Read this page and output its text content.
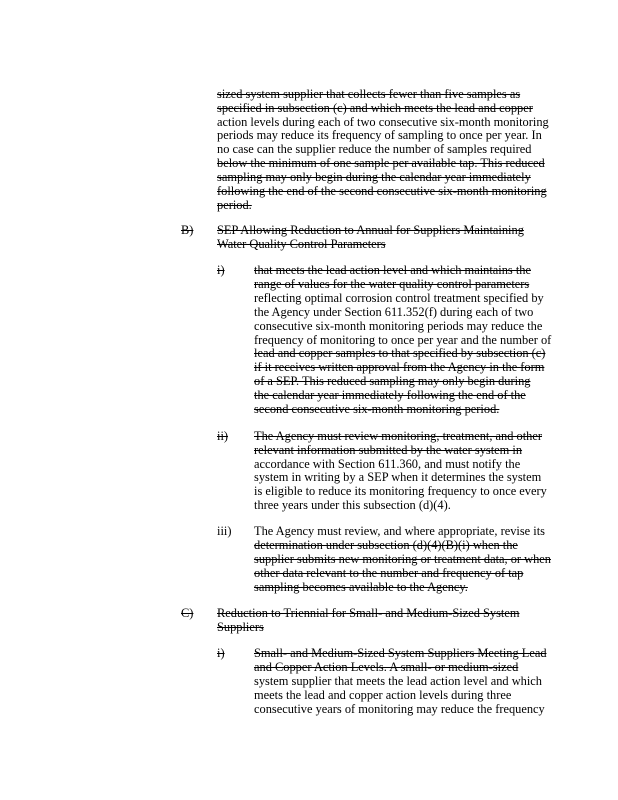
sized system supplier that collects fewer than five samples as
specified in subsection (c) and which meets the lead and copper
action levels during each of two consecutive six-month monitoring
periods may reduce its frequency of sampling to once per year. In
no case can the supplier reduce the number of samples required
below the minimum of one sample per available tap. This reduced
sampling may only begin during the calendar year immediately
following the end of the second consecutive six-month monitoring
period.
B) SEP Allowing Reduction to Annual for Suppliers Maintaining
Water Quality Control Parameters
i) that meets the lead action level and which maintains the
range of values for the water quality control parameters
reflecting optimal corrosion control treatment specified by
the Agency under Section 611.352(f) during each of two
consecutive six-month monitoring periods may reduce the
frequency of monitoring to once per year and the number of
lead and copper samples to that specified by subsection (c)
if it receives written approval from the Agency in the form
of a SEP. This reduced sampling may only begin during
the calendar year immediately following the end of the
second consecutive six-month monitoring period.
ii) The Agency must review monitoring, treatment, and other
relevant information submitted by the water system in
accordance with Section 611.360, and must notify the
system in writing by a SEP when it determines the system
is eligible to reduce its monitoring frequency to once every
three years under this subsection (d)(4).
iii) The Agency must review, and where appropriate, revise its
determination under subsection (d)(4)(B)(i) when the
supplier submits new monitoring or treatment data, or when
other data relevant to the number and frequency of tap
sampling becomes available to the Agency.
C) Reduction to Triennial for Small- and Medium-Sized System
Suppliers
i) Small- and Medium-Sized System Suppliers Meeting Lead
and Copper Action Levels. A small- or medium-sized
system supplier that meets the lead action level and which
meets the lead and copper action levels during three
consecutive years of monitoring may reduce the frequency
